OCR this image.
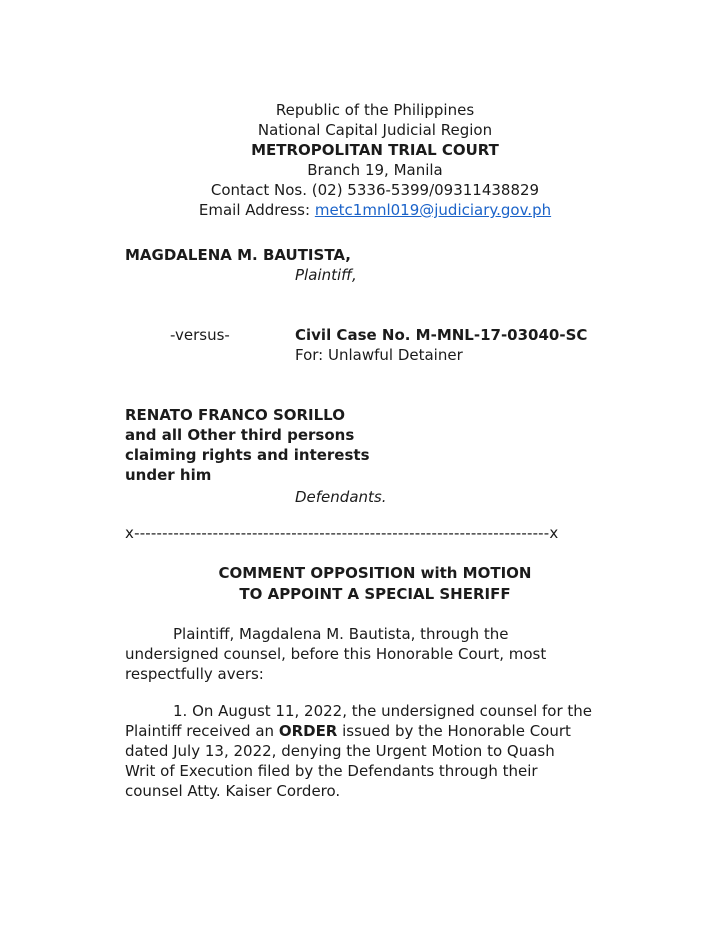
Republic of the Philippines
National Capital Judicial Region
METROPOLITAN TRIAL COURT
Branch 19, Manila
Contact Nos. (02) 5336-5399/09311438829
Email Address: metc1mnl019@judiciary.gov.ph
MAGDALENA M. BAUTISTA,
Plaintiff,
-versus-	Civil Case No. M-MNL-17-03040-SC
For: Unlawful Detainer
RENATO FRANCO SORILLO
and all Other third persons
claiming rights and interests
under him
Defendants.
x--------------------------------------------------------------------------x
COMMENT OPPOSITION with MOTION
TO APPOINT A SPECIAL SHERIFF
Plaintiff, Magdalena M. Bautista, through the
undersigned counsel, before this Honorable Court, most
respectfully avers:
1. On August 11, 2022, the undersigned counsel for the
Plaintiff received an ORDER issued by the Honorable Court
dated July 13, 2022, denying the Urgent Motion to Quash
Writ of Execution filed by the Defendants through their
counsel Atty. Kaiser Cordero.
